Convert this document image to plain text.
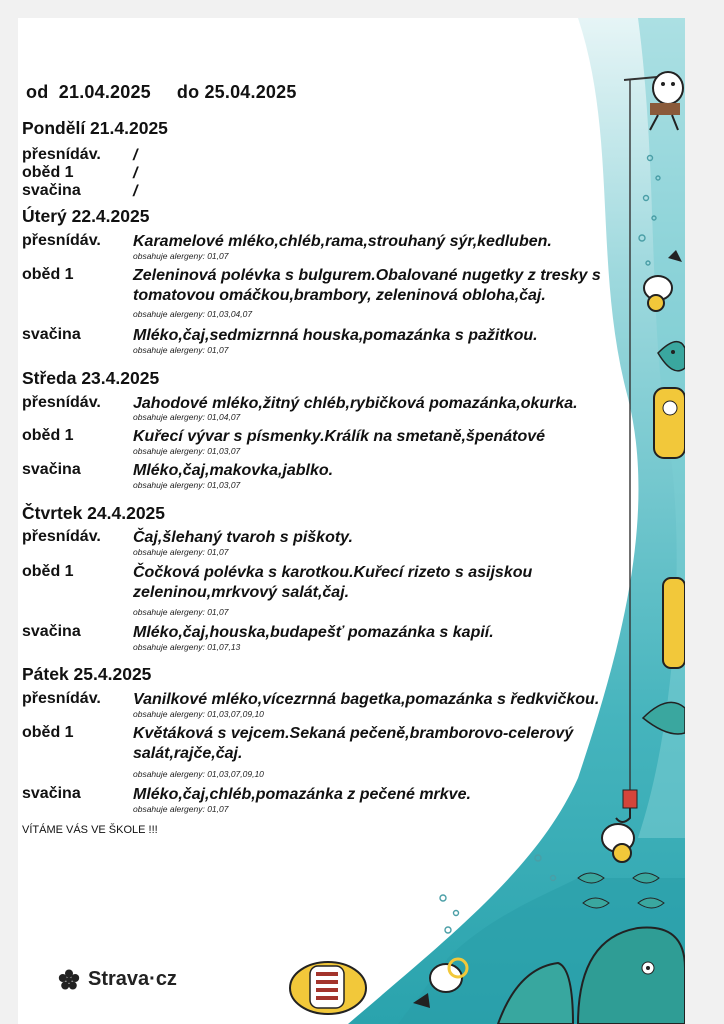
od  21.04.2025     do 25.04.2025
Pondělí 21.4.2025
přesnídáv. /
oběd 1	/
svačina	/
Úterý 22.4.2025
přesnídáv. Karamelové mléko,chléb,rama,strouhaný sýr,kedluben.
obsahuje alergeny: 01,07
oběd 1	Zeleninová polévka s bulgurem.Obalované nugetky z tresky s tomatovou omáčkou,brambory, zeleninová obloha,čaj.
obsahuje alergeny: 01,03,04,07
svačina	Mléko,čaj,sedmizrnná houska,pomazánka s pažitkou.
obsahuje alergeny: 01,07
Středa 23.4.2025
přesnídáv. Jahodové mléko,žitný chléb,rybičková pomazánka,okurka.
obsahuje alergeny: 01,04,07
oběd 1	Kuřecí vývar s písmenky.Králík na smetaně,špenátové
obsahuje alergeny: 01,03,07
svačina	Mléko,čaj,makovka,jablko.
obsahuje alergeny: 01,03,07
Čtvrtek 24.4.2025
přesnídáv. Čaj,šlehaný tvaroh s piškoty.
obsahuje alergeny: 01,07
oběd 1	Čočková polévka s karotkou.Kuřecí rizeto s asijskou zeleninou,mrkvový salát,čaj.
obsahuje alergeny: 01,07
svačina	Mléko,čaj,houska,budapešť pomazánka s kapií.
obsahuje alergeny: 01,07,13
Pátek 25.4.2025
přesnídáv. Vanilkové mléko,vícezrnná bagetka,pomazánka s ředkvičkou.
obsahuje alergeny: 01,03,07,09,10
oběd 1	Květáková s vejcem.Sekaná pečeně,bramborovo-celerový salát,rajče,čaj.
obsahuje alergeny: 01,03,07,09,10
svačina	Mléko,čaj,chléb,pomazánka z pečené mrkve.
obsahuje alergeny: 01,07
VÍTÁME VÁS VE ŠKOLE !!!
Strava·cz
